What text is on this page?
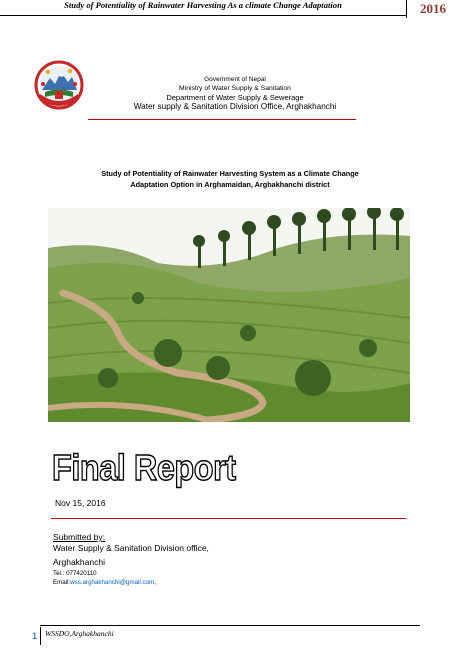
Study of Potentiality of Rainwater Harvesting As a climate Change Adaptation	2016
Government of Nepal
Ministry of Water Supply & Sanitation
Department of Water Supply & Sewerage
Water supply & Sanitation Division Office, Arghakhanchi
Study of Potentiality of Rainwater Harvesting System as a Climate Change
Adaptation Option in Arghamaidan, Arghakhanchi district
Final Report
Nov 15, 2016
Submitted by:
Water Supply & Sanitation Division office,
Arghakhanchi
Tel.: 077420110
Email:wss.arghakhanchi@gmail.com,
1	WSSDO,Arghakhanchi
